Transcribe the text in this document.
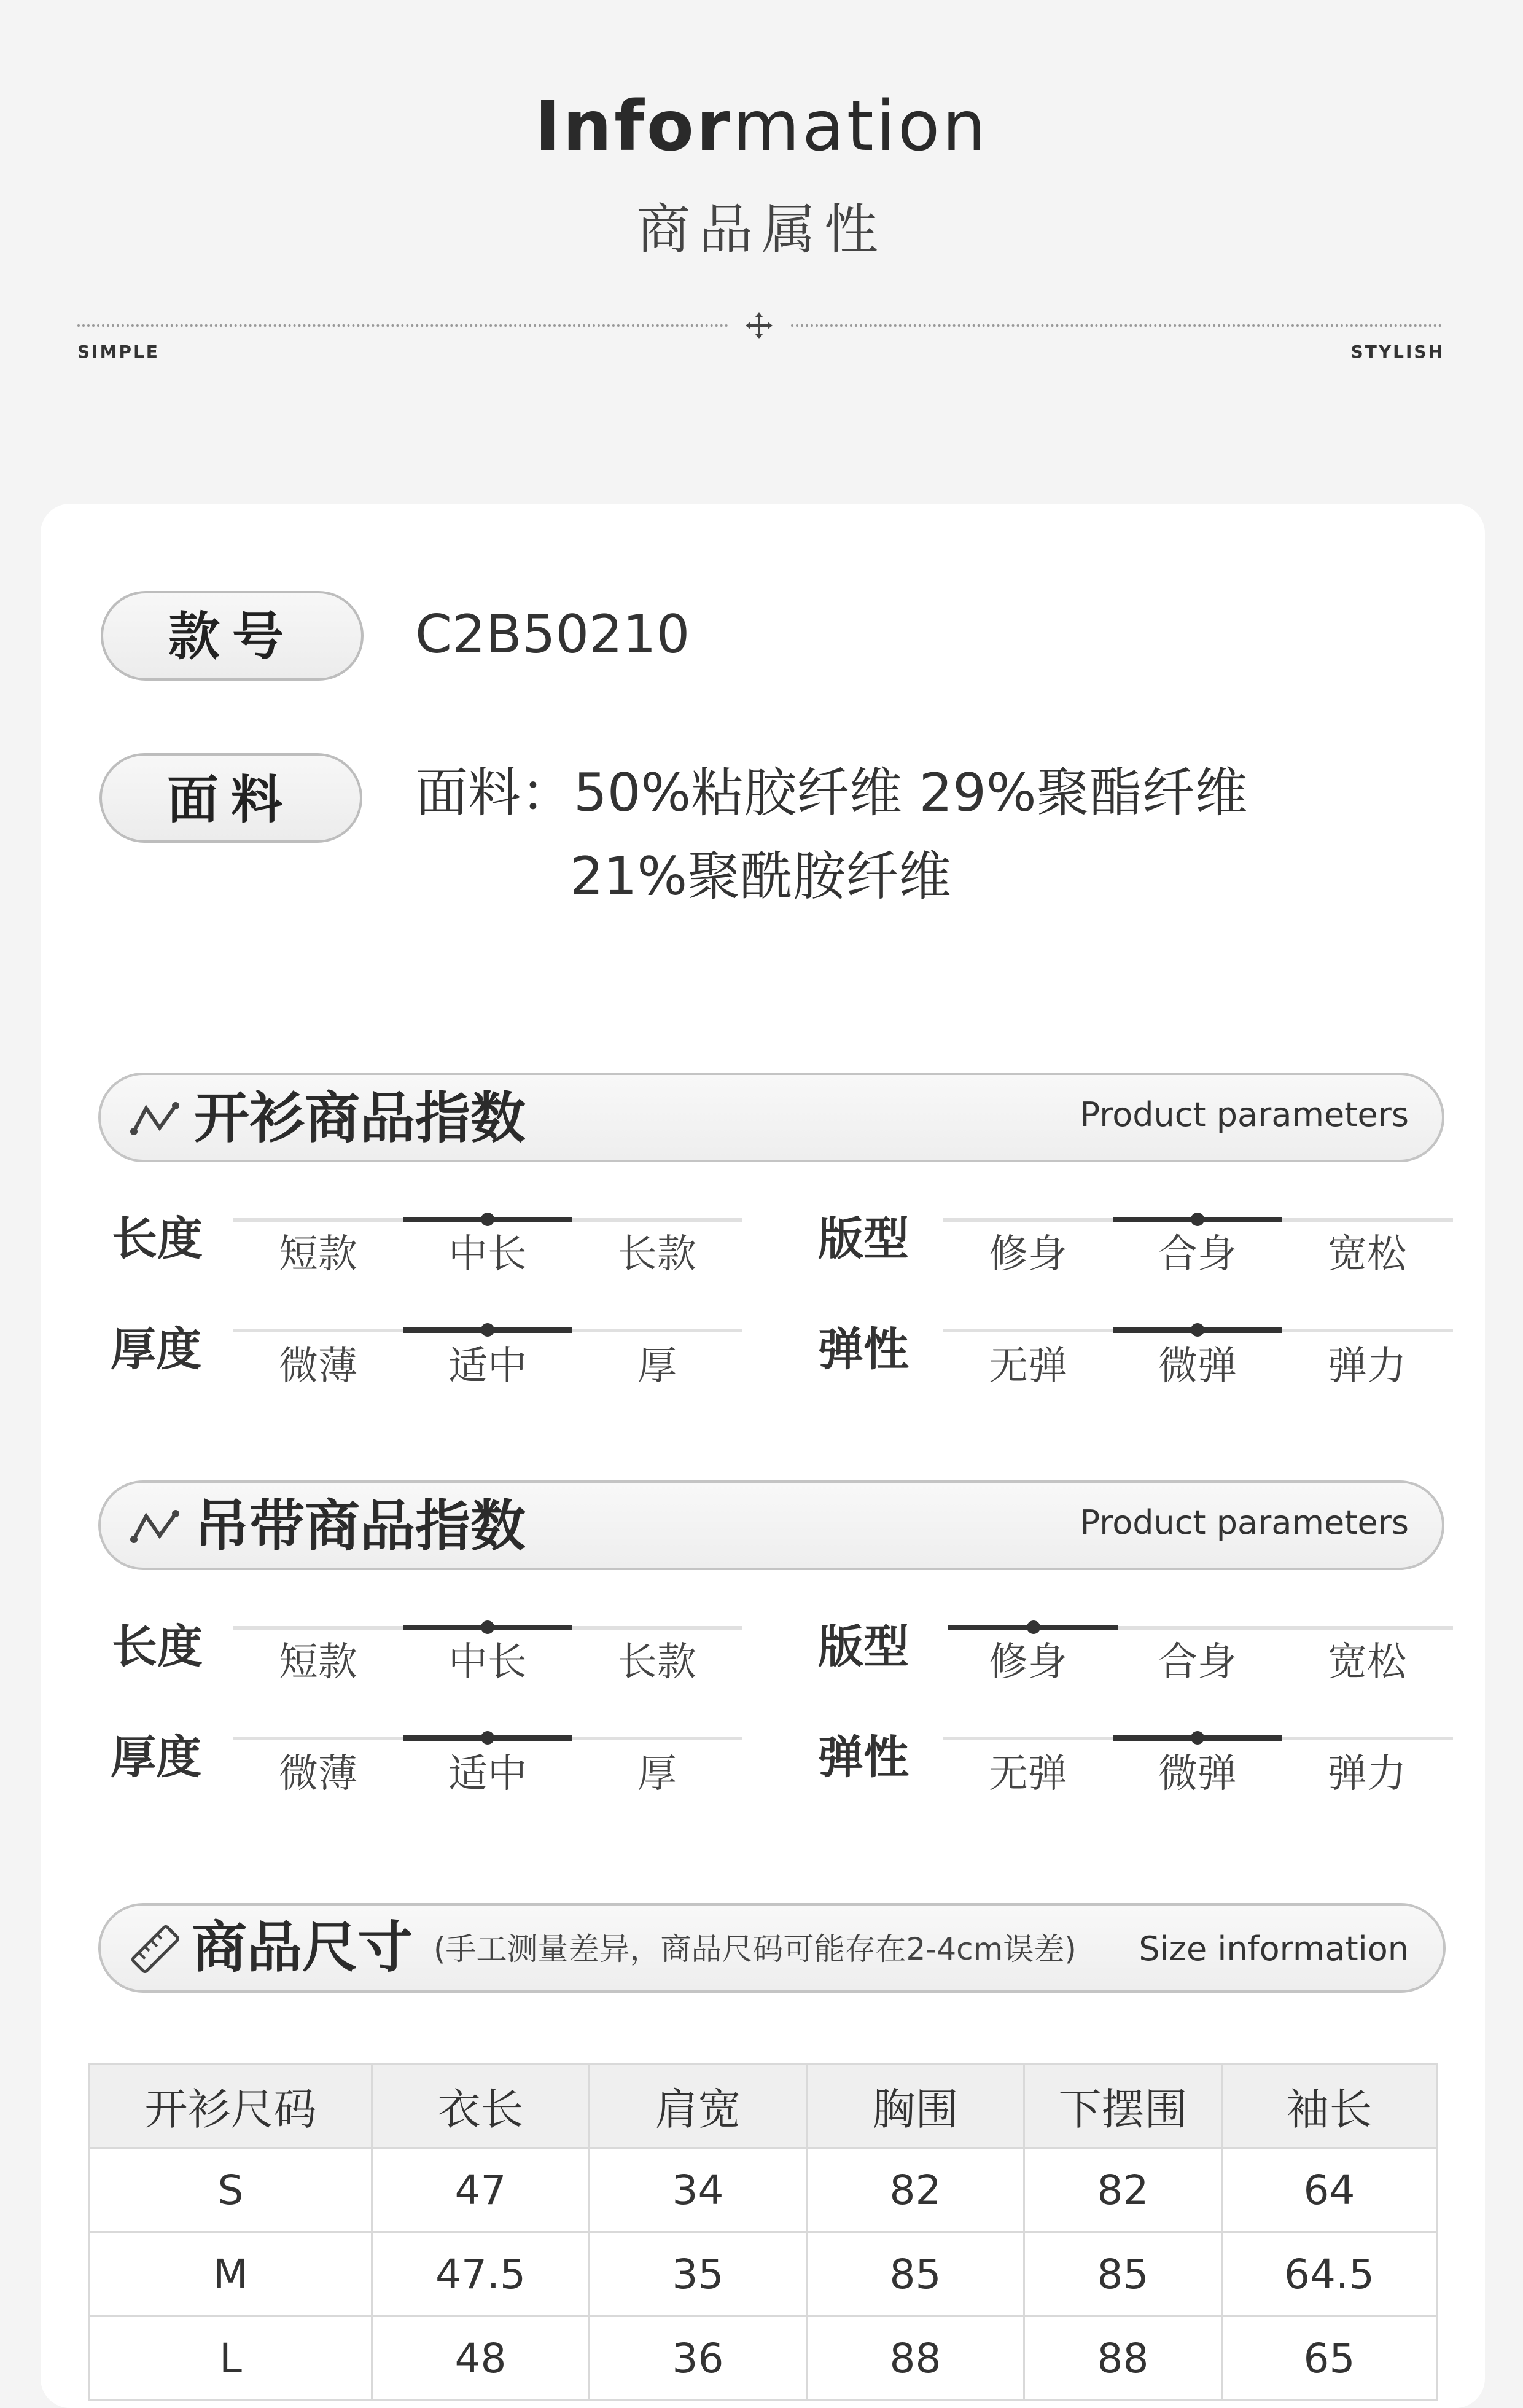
Information
商品属性
SIMPLE	STYLISH
款号	C2B50210
面料	面料：50%粘胶纤维 29%聚酯纤维
21%聚酰胺纤维
开衫商品指数	Product parameters
长度	短款	中长	长款	版型	修身	合身	宽松
厚度	微薄	适中	厚	弹性	无弹	微弹	弹力
吊带商品指数	Product parameters
长度	短款	中长	长款	版型	修身	合身	宽松
厚度	微薄	适中	厚	弹性	无弹	微弹	弹力
商品尺寸 (手工测量差异，商品尺码可能存在2-4cm误差) Size information
开衫尺码	衣长	肩宽	胸围	下摆围	袖长
S	47	34	82	82	64
M	47.5	35	85	85	64.5
L	48	36	88	88	65
